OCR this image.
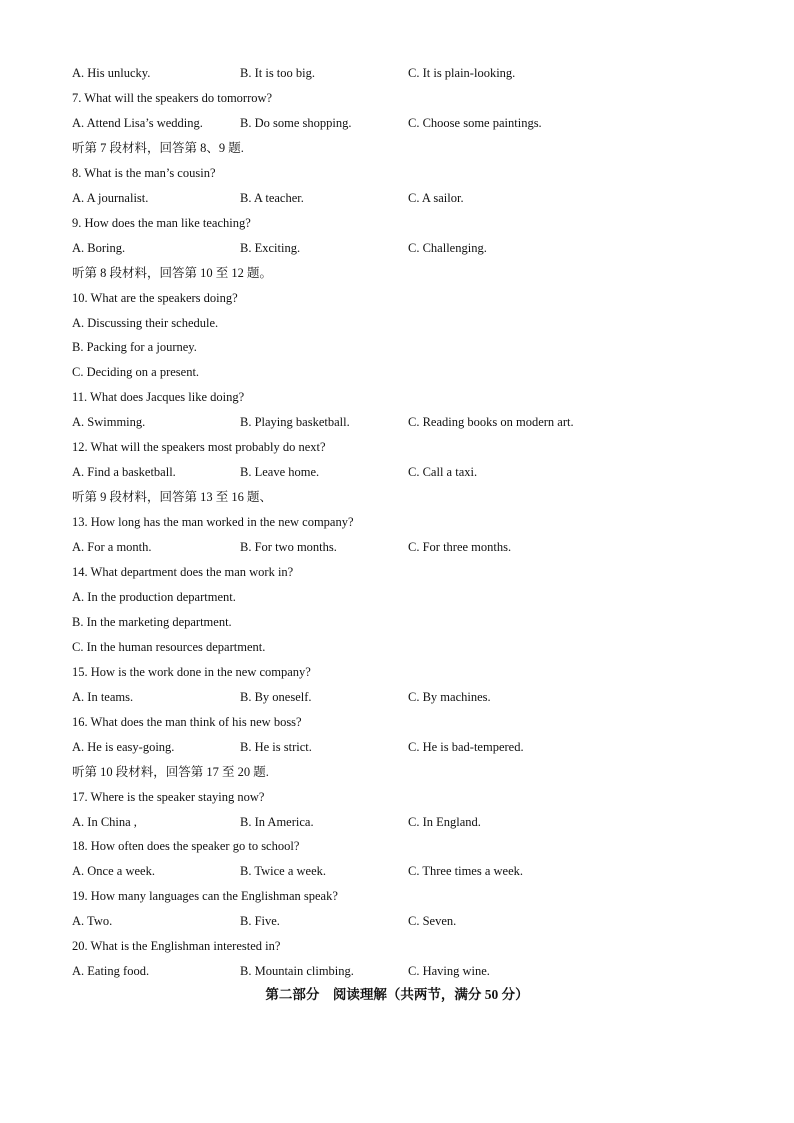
第二部分　阅读理解（共两节，满分 50 分）
A. His unlucky.	B. It is too big.	C. It is plain-looking.
7. What will the speakers do tomorrow?
A. Attend Lisa’s wedding.	B. Do some shopping.	C. Choose some paintings.
听第 7 段材料，回答第 8、9 题.
8. What is the man’s cousin?
A. A journalist.	B. A teacher.	C. A sailor.
9. How does the man like teaching?
A. Boring.	B. Exciting.	C. Challenging.
听第 8 段材料，回答第 10 至 12 题。
10. What are the speakers doing?
A. Discussing their schedule.
B. Packing for a journey.
C. Deciding on a present.
11. What does Jacques like doing?
A. Swimming.	B. Playing basketball.	C. Reading books on modern art.
12. What will the speakers most probably do next?
A. Find a basketball.	B. Leave home.	C. Call a taxi.
听第 9 段材料，回答第 13 至 16 题、
13. How long has the man worked in the new company?
A. For a month.	B. For two months.	C. For three months.
14. What department does the man work in?
A. In the production department.
B. In the marketing department.
C. In the human resources department.
15. How is the work done in the new company?
A. In teams.	B. By oneself.	C. By machines.
16. What does the man think of his new boss?
A. He is easy-going.	B. He is strict.	C. He is bad-tempered.
听第 10 段材料，回答第 17 至 20 题.
17. Where is the speaker staying now?
A. In China ,	B. In America.	C. In England.
18. How often does the speaker go to school?
A. Once a week.	B. Twice a week.	C. Three times a week.
19. How many languages can the Englishman speak?
A. Two.	B. Five.	C. Seven.
20. What is the Englishman interested in?
A. Eating food.	B. Mountain climbing.	C. Having wine.
